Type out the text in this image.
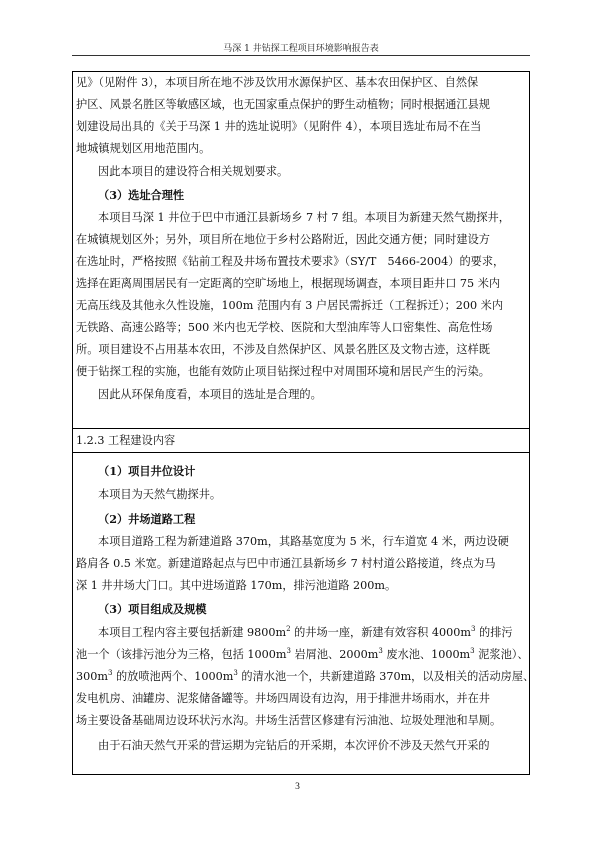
马深 1 井钻探工程项目环境影响报告表

见》（见附件 3），本项目所在地不涉及饮用水源保护区、基本农田保护区、自然保

护区、风景名胜区等敏感区域，也无国家重点保护的野生动植物；同时根据通江县规

划建设局出具的《关于马深 1 井的选址说明》（见附件 4），本项目选址布局不在当

地城镇规划区用地范围内。

因此本项目的建设符合相关规划要求。

（3）选址合理性

本项目马深 1 井位于巴中市通江县新场乡 7 村 7 组。本项目为新建天然气勘探井，

在城镇规划区外；另外，项目所在地位于乡村公路附近，因此交通方便；同时建设方

在选址时，严格按照《钻前工程及井场布置技术要求》（SY/T　5466-2004）的要求，

选择在距离周围居民有一定距离的空旷场地上，根据现场调查，本项目距井口 75 米内

无高压线及其他永久性设施，100m 范围内有 3 户居民需拆迁（工程拆迁）；200 米内

无铁路、高速公路等；500 米内也无学校、医院和大型油库等人口密集性、高危性场

所。项目建设不占用基本农田，不涉及自然保护区、风景名胜区及文物古迹，这样既

便于钻探工程的实施，也能有效防止项目钻探过程中对周围环境和居民产生的污染。

因此从环保角度看，本项目的选址是合理的。

1.2.3 工程建设内容

（1）项目井位设计

本项目为天然气勘探井。

（2）井场道路工程

本项目道路工程为新建道路 370m，其路基宽度为 5 米，行车道宽 4 米，两边设硬

路肩各 0.5 米宽。新建道路起点与巴中市通江县新场乡 7 村村道公路接道，终点为马

深 1 井井场大门口。其中进场道路 170m，排污池道路 200m。

（3）项目组成及规模

本项目工程内容主要包括新建 $9800m^2$ 的井场一座，新建有效容积 $4000m^3$ 的排污

池一个（该排污池分为三格，包括 $1000m^3$ 岩屑池、$2000m^3$ 废水池、$1000m^3$ 泥浆池）、

$300m^3$ 的放喷池两个、$1000m^3$ 的清水池一个，共新建道路 370m，以及相关的活动房屋、

发电机房、油罐房、泥浆储备罐等。井场四周设有边沟，用于排泄井场雨水，并在井

场主要设备基础周边设环状污水沟。井场生活营区修建有污油池、垃圾处理池和旱厕。

由于石油天然气开采的营运期为完钻后的开采期，本次评价不涉及天然气开采的

3
